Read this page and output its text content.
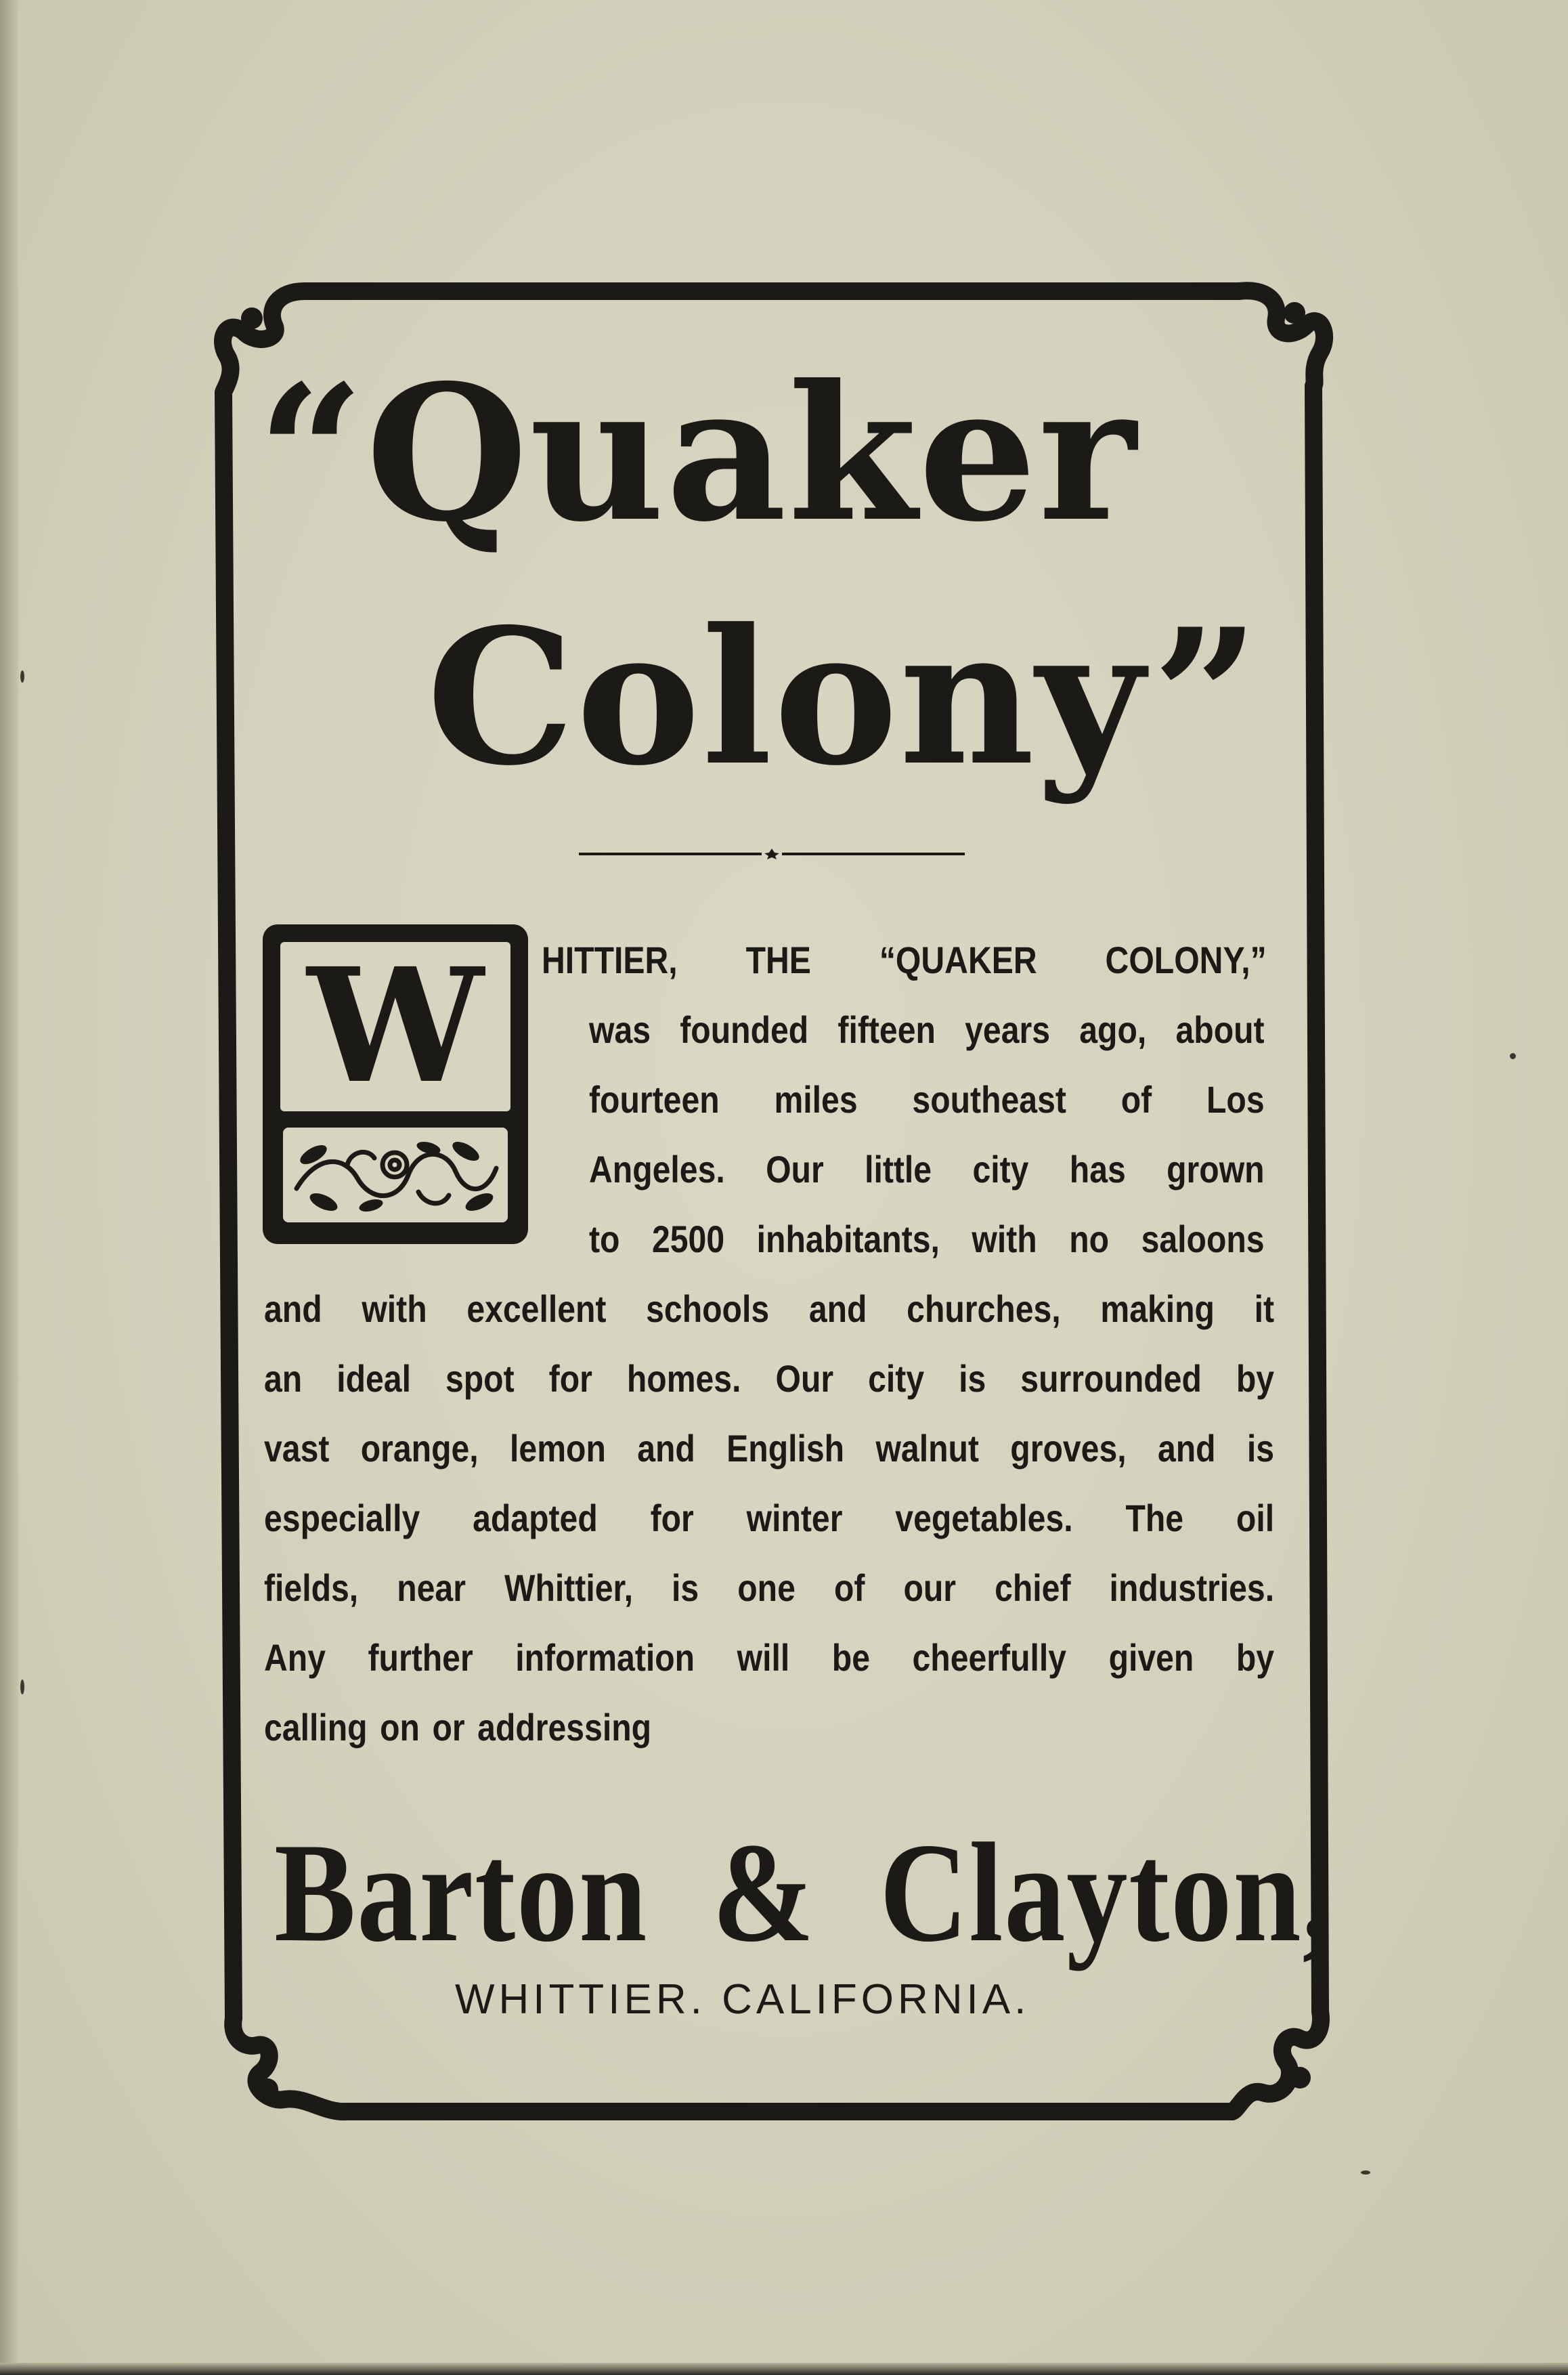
“Quaker
Colony”
W	HITTIER, THE “QUAKER COLONY,”
was founded fifteen years ago, about
fourteen miles southeast of Los
Angeles. Our little city has grown
to 2500 inhabitants, with no saloons
and with excellent schools and churches, making it
an ideal spot for homes. Our city is surrounded by
vast orange, lemon and English walnut groves, and is
especially adapted for winter vegetables. The oil
fields, near Whittier, is one of our chief industries.
Any further information will be cheerfully given by
calling on or addressing
Barton & Clayton,
WHITTIER. CALIFORNIA.
